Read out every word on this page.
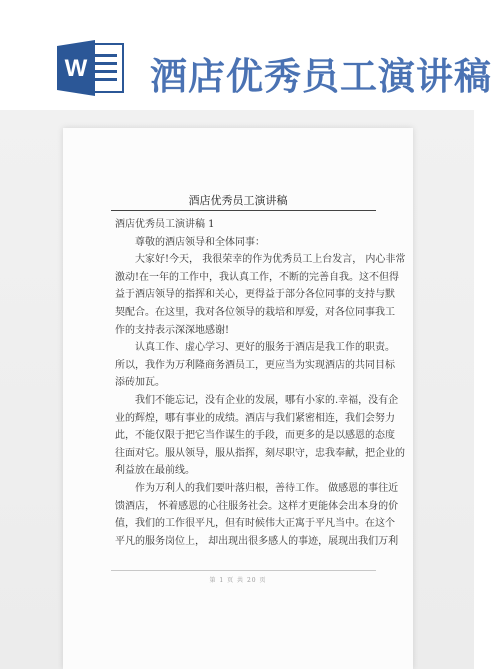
W 酒店优秀员工演讲稿
酒店优秀员工演讲稿

酒店优秀员工演讲稿 1

尊敬的酒店领导和全体同事：

大家好!今天， 我很荣幸的作为优秀员工上台发言， 内心非常

激动!在一年的工作中，我认真工作，不断的完善自我。这不但得

益于酒店领导的指挥和关心，更得益于部分各位同事的支持与默

契配合。在这里，我对各位领导的栽培和厚爱，对各位同事我工

作的支持表示深深地感谢!

认真工作、虚心学习、更好的服务于酒店是我工作的职责。

所以，我作为万利隆商务酒员工，更应当为实现酒店的共同目标

添砖加瓦。

我们不能忘记，没有企业的发展，哪有小家的.幸福，没有企

业的辉煌，哪有事业的成绩。酒店与我们紧密相连，我们会努力

此，不能仅限于把它当作谋生的手段，而更多的是以感恩的态度

往面对它。服从领导，服从指挥，刻尽职守，忠我奉献，把企业的

利益放在最前线。

作为万利人的我们要叶落归根，善待工作。 做感恩的事往近

馈酒店， 怀着感恩的心往服务社会。这样才更能体会出本身的价

值，我们的工作很平凡，但有时候伟大正寓于平凡当中。在这个

平凡的服务岗位上， 却出现出很多感人的事迹，展现出我们万利

第 1 页 共 20 页
